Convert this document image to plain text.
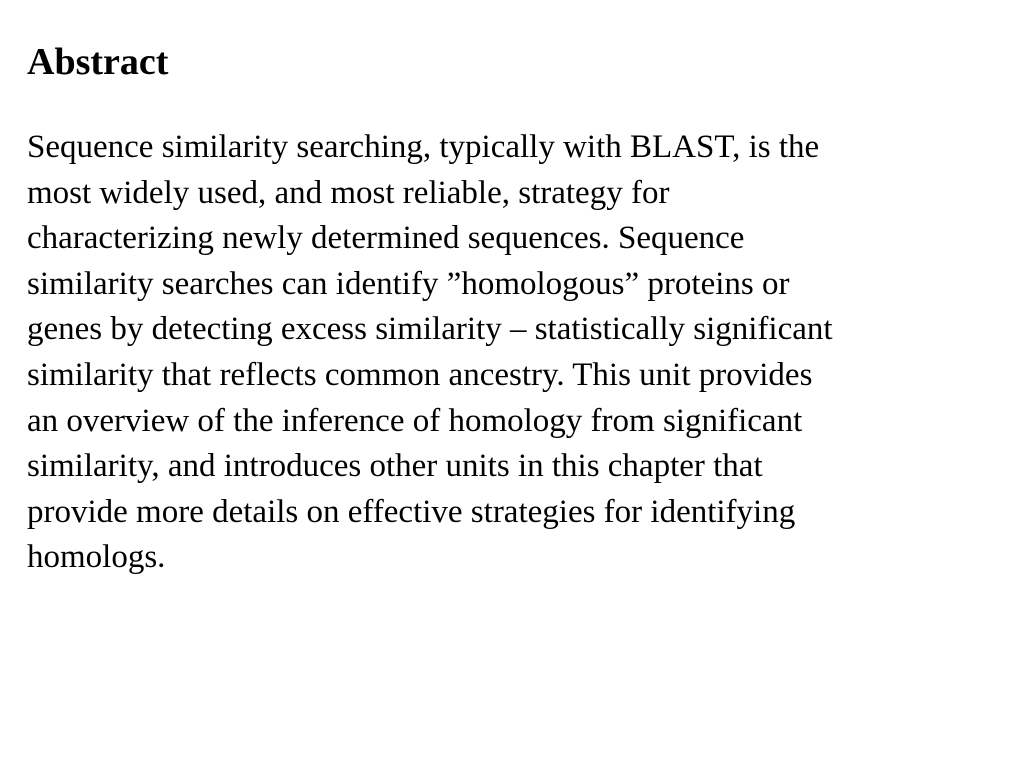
Abstract

Sequence similarity searching, typically with BLAST, is the
most widely used, and most reliable, strategy for
characterizing newly determined sequences. Sequence
similarity searches can identify ”homologous” proteins or
genes by detecting excess similarity – statistically significant
similarity that reflects common ancestry. This unit provides
an overview of the inference of homology from significant
similarity, and introduces other units in this chapter that
provide more details on effective strategies for identifying
homologs.
